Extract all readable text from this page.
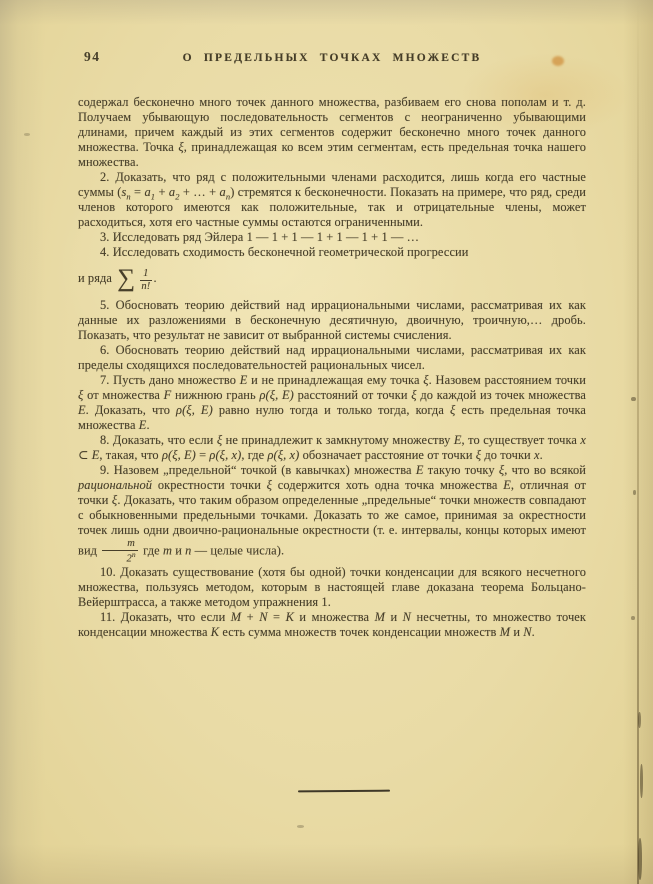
94	О ПРЕДЕЛЬНЫХ ТОЧКАХ МНОЖЕСТВ

содержал бесконечно много точек данного множества, разбиваем его снова пополам и т. д. Получаем убывающую последовательность сегментов с неограниченно убывающими длинами, причем каждый из этих сегментов содержит бесконечно много точек данного множества. Точка ξ, принадлежащая ко всем этим сегментам, есть предельная точка нашего множества.

2. Доказать, что ряд с положительными членами расходится, лишь когда его частные суммы ($s_n = a_1 + a_2$ + … + $a_n$) стремятся к бесконечности. Показать на примере, что ряд, среди членов которого имеются как положительные, так и отрицательные члены, может расходиться, хотя его частные суммы остаются ограниченными.

3. Исследовать ряд Эйлера 1 — 1 + 1 — 1 + 1 — 1 + 1 — …

4. Исследовать сходимость бесконечной геометрической прогрессии

и ряда ∑ $\frac{1}{n!}$ .

5. Обосновать теорию действий над иррациональными числами, рассматривая их как данные их разложениями в бесконечную десятичную, двоичную, троичную,… дробь. Показать, что результат не зависит от выбранной системы счисления.

6. Обосновать теорию действий над иррациональными числами, рассматривая их как пределы сходящихся последовательностей рациональных чисел.

7. Пусть дано множество E и не принадлежащая ему точка ξ. Назовем расстоянием точки ξ от множества F нижнюю грань ρ(ξ, E) расстояний от точки ξ до каждой из точек множества E. Доказать, что ρ(ξ, E) равно нулю тогда и только тогда, когда ξ есть предельная точка множества E.

8. Доказать, что если ξ не принадлежит к замкнутому множеству E, то существует точка x ⊂ E, такая, что ρ(ξ, E) = ρ(ξ, x), где ρ(ξ, x) обозначает расстояние от точки ξ до точки x.

9. Назовем „предельной“ точкой (в кавычках) множества E такую точку ξ, что во всякой рациональной окрестности точки ξ содержится хоть одна точка множества E, отличная от точки ξ. Доказать, что таким образом определенные „предельные“ точки множеств совпадают с обыкновенными предельными точками. Доказать то же самое, принимая за окрестности точек лишь одни двоично-рациональные окрестности (т. е. интервалы, концы которых имеют вид $\frac{m}{2^n}$ где m и n — целые числа).

10. Доказать существование (хотя бы одной) точки конденсации для всякого несчетного множества, пользуясь методом, которым в настоящей главе доказана теорема Больцано-Вейерштрасса, а также методом упражнения 1.

11. Доказать, что если M + N = K и множества M и N несчетны, то множество точек конденсации множества K есть сумма множеств точек конденсации множеств M и N.
